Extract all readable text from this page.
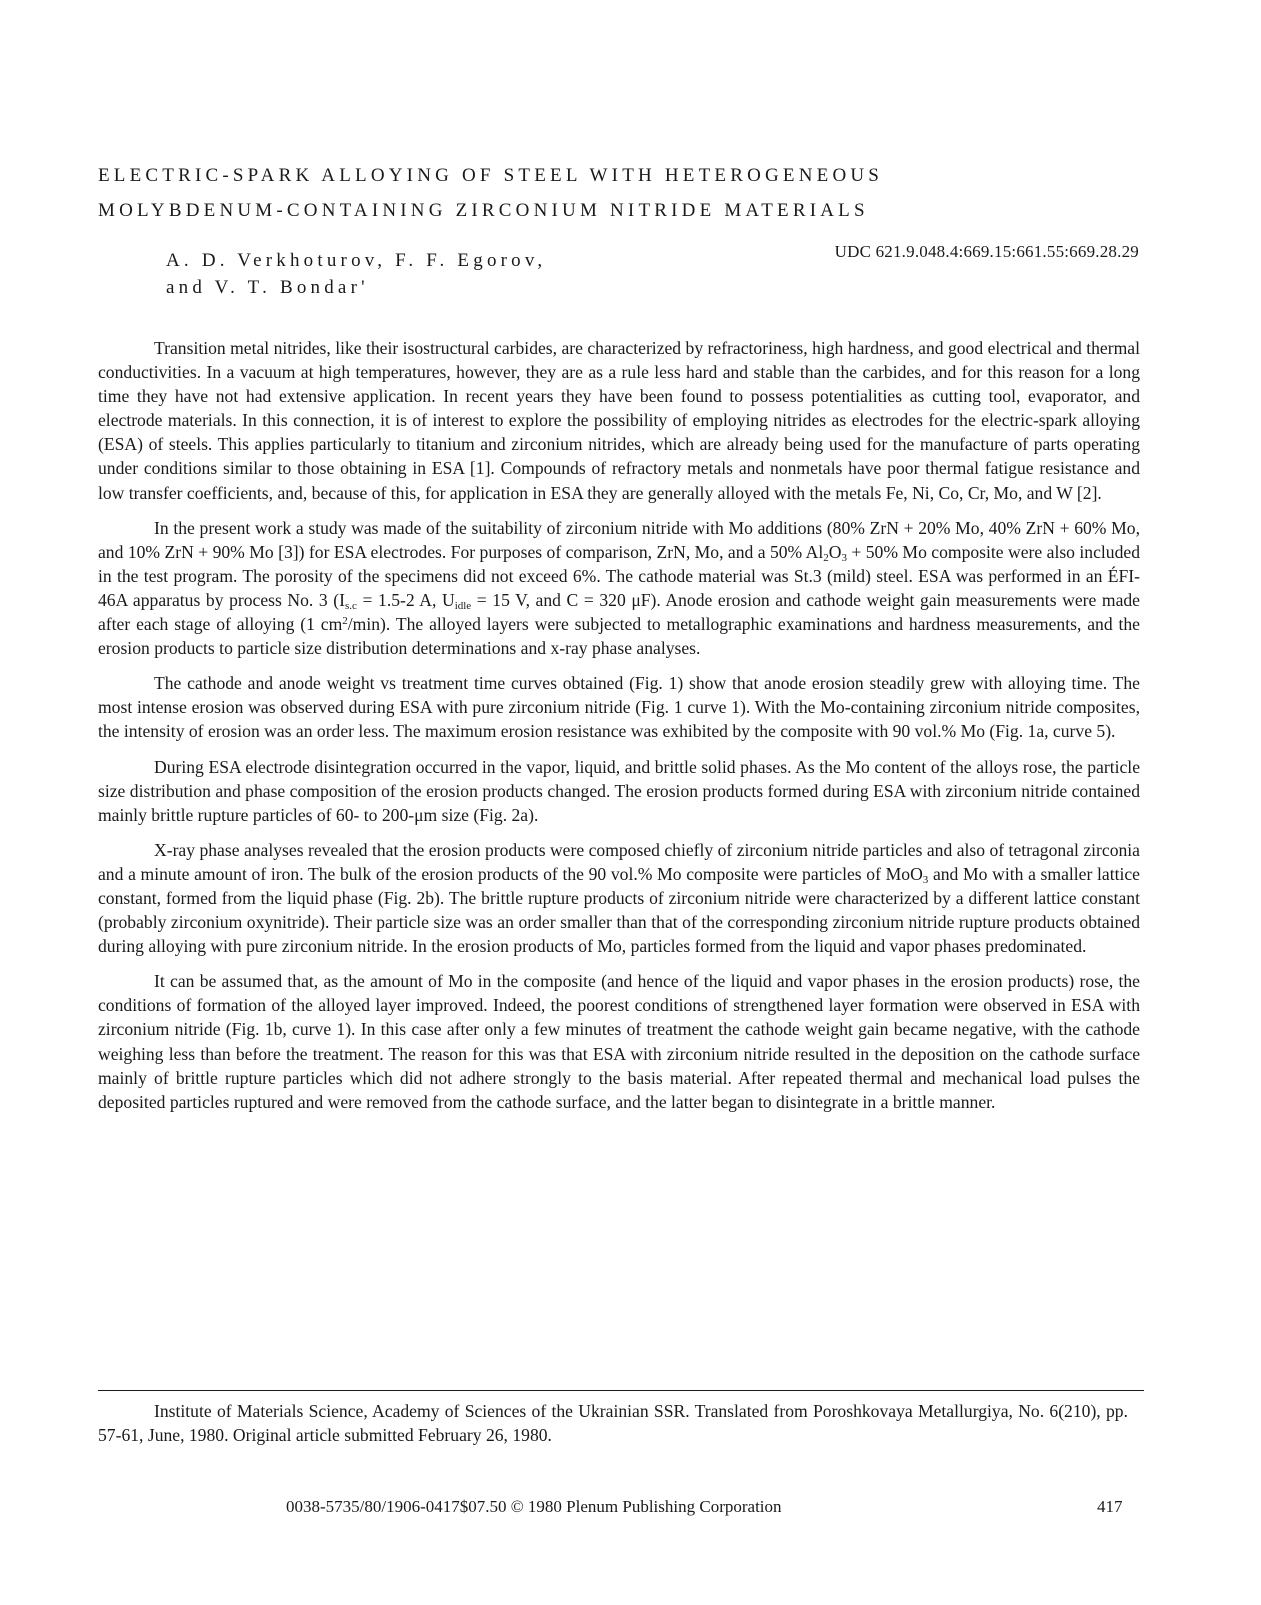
ELECTRIC-SPARK ALLOYING OF STEEL WITH HETEROGENEOUS
MOLYBDENUM-CONTAINING ZIRCONIUM NITRIDE MATERIALS
A. D. Verkhoturov, F. F. Egorov,
and V. T. Bondar'
UDC 621.9.048.4:669.15:661.55:669.28.29

Transition metal nitrides, like their isostructural carbides, are characterized by refractoriness, high hardness, and good electrical and thermal conductivities. In a vacuum at high temperatures, however, they are as a rule less hard and stable than the carbides, and for this reason for a long time they have not had extensive application. In recent years they have been found to possess potentialities as cutting tool, evaporator, and electrode materials. In this connection, it is of interest to explore the possibility of employing nitrides as electrodes for the electric-spark alloying (ESA) of steels. This applies particularly to titanium and zirconium nitrides, which are already being used for the manufacture of parts operating under conditions similar to those obtaining in ESA [1]. Compounds of refractory metals and nonmetals have poor thermal fatigue resistance and low transfer coefficients, and, because of this, for application in ESA they are generally alloyed with the metals Fe, Ni, Co, Cr, Mo, and W [2].

In the present work a study was made of the suitability of zirconium nitride with Mo additions (80% ZrN + 20% Mo, 40% ZrN + 60% Mo, and 10% ZrN + 90% Mo [3]) for ESA electrodes. For purposes of comparison, ZrN, Mo, and a 50% $Al_2O_3 + 50\%$ Mo composite were also included in the test program. The porosity of the specimens did not exceed 6%. The cathode material was St.3 (mild) steel. ESA was performed in an ÉFI-46A apparatus by process No. 3 ($I_{s.c} = 1.5-2$ A, $U_{idle} = 15$ V, and C = 320 μF). Anode erosion and cathode weight gain measurements were made after each stage of alloying (1 $cm^2/\min$). The alloyed layers were subjected to metallographic examinations and hardness measurements, and the erosion products to particle size distribution determinations and x-ray phase analyses.

The cathode and anode weight vs treatment time curves obtained (Fig. 1) show that anode erosion steadily grew with alloying time. The most intense erosion was observed during ESA with pure zirconium nitride (Fig. 1 curve 1). With the Mo-containing zirconium nitride composites, the intensity of erosion was an order less. The maximum erosion resistance was exhibited by the composite with 90 vol.% Mo (Fig. 1a, curve 5).

During ESA electrode disintegration occurred in the vapor, liquid, and brittle solid phases. As the Mo content of the alloys rose, the particle size distribution and phase composition of the erosion products changed. The erosion products formed during ESA with zirconium nitride contained mainly brittle rupture particles of 60- to 200-μm size (Fig. 2a).

X-ray phase analyses revealed that the erosion products were composed chiefly of zirconium nitride particles and also of tetragonal zirconia and a minute amount of iron. The bulk of the erosion products of the 90 vol.% Mo composite were particles of MoO$_3$ and Mo with a smaller lattice constant, formed from the liquid phase (Fig. 2b). The brittle rupture products of zirconium nitride were characterized by a different lattice constant (probably zirconium oxynitride). Their particle size was an order smaller than that of the corresponding zirconium nitride rupture products obtained during alloying with pure zirconium nitride. In the erosion products of Mo, particles formed from the liquid and vapor phases predominated.

It can be assumed that, as the amount of Mo in the composite (and hence of the liquid and vapor phases in the erosion products) rose, the conditions of formation of the alloyed layer improved. Indeed, the poorest conditions of strengthened layer formation were observed in ESA with zirconium nitride (Fig. 1b, curve 1). In this case after only a few minutes of treatment the cathode weight gain became negative, with the cathode weighing less than before the treatment. The reason for this was that ESA with zirconium nitride resulted in the deposition on the cathode surface mainly of brittle rupture particles which did not adhere strongly to the basis material. After repeated thermal and mechanical load pulses the deposited particles ruptured and were removed from the cathode surface, and the latter began to disintegrate in a brittle manner.

Institute of Materials Science, Academy of Sciences of the Ukrainian SSR. Translated from Poroshkovaya Metallurgiya, No. 6(210), pp. 57-61, June, 1980. Original article submitted February 26, 1980.

0038-5735/80/1906-0417$07.50 © 1980 Plenum Publishing Corporation	417
